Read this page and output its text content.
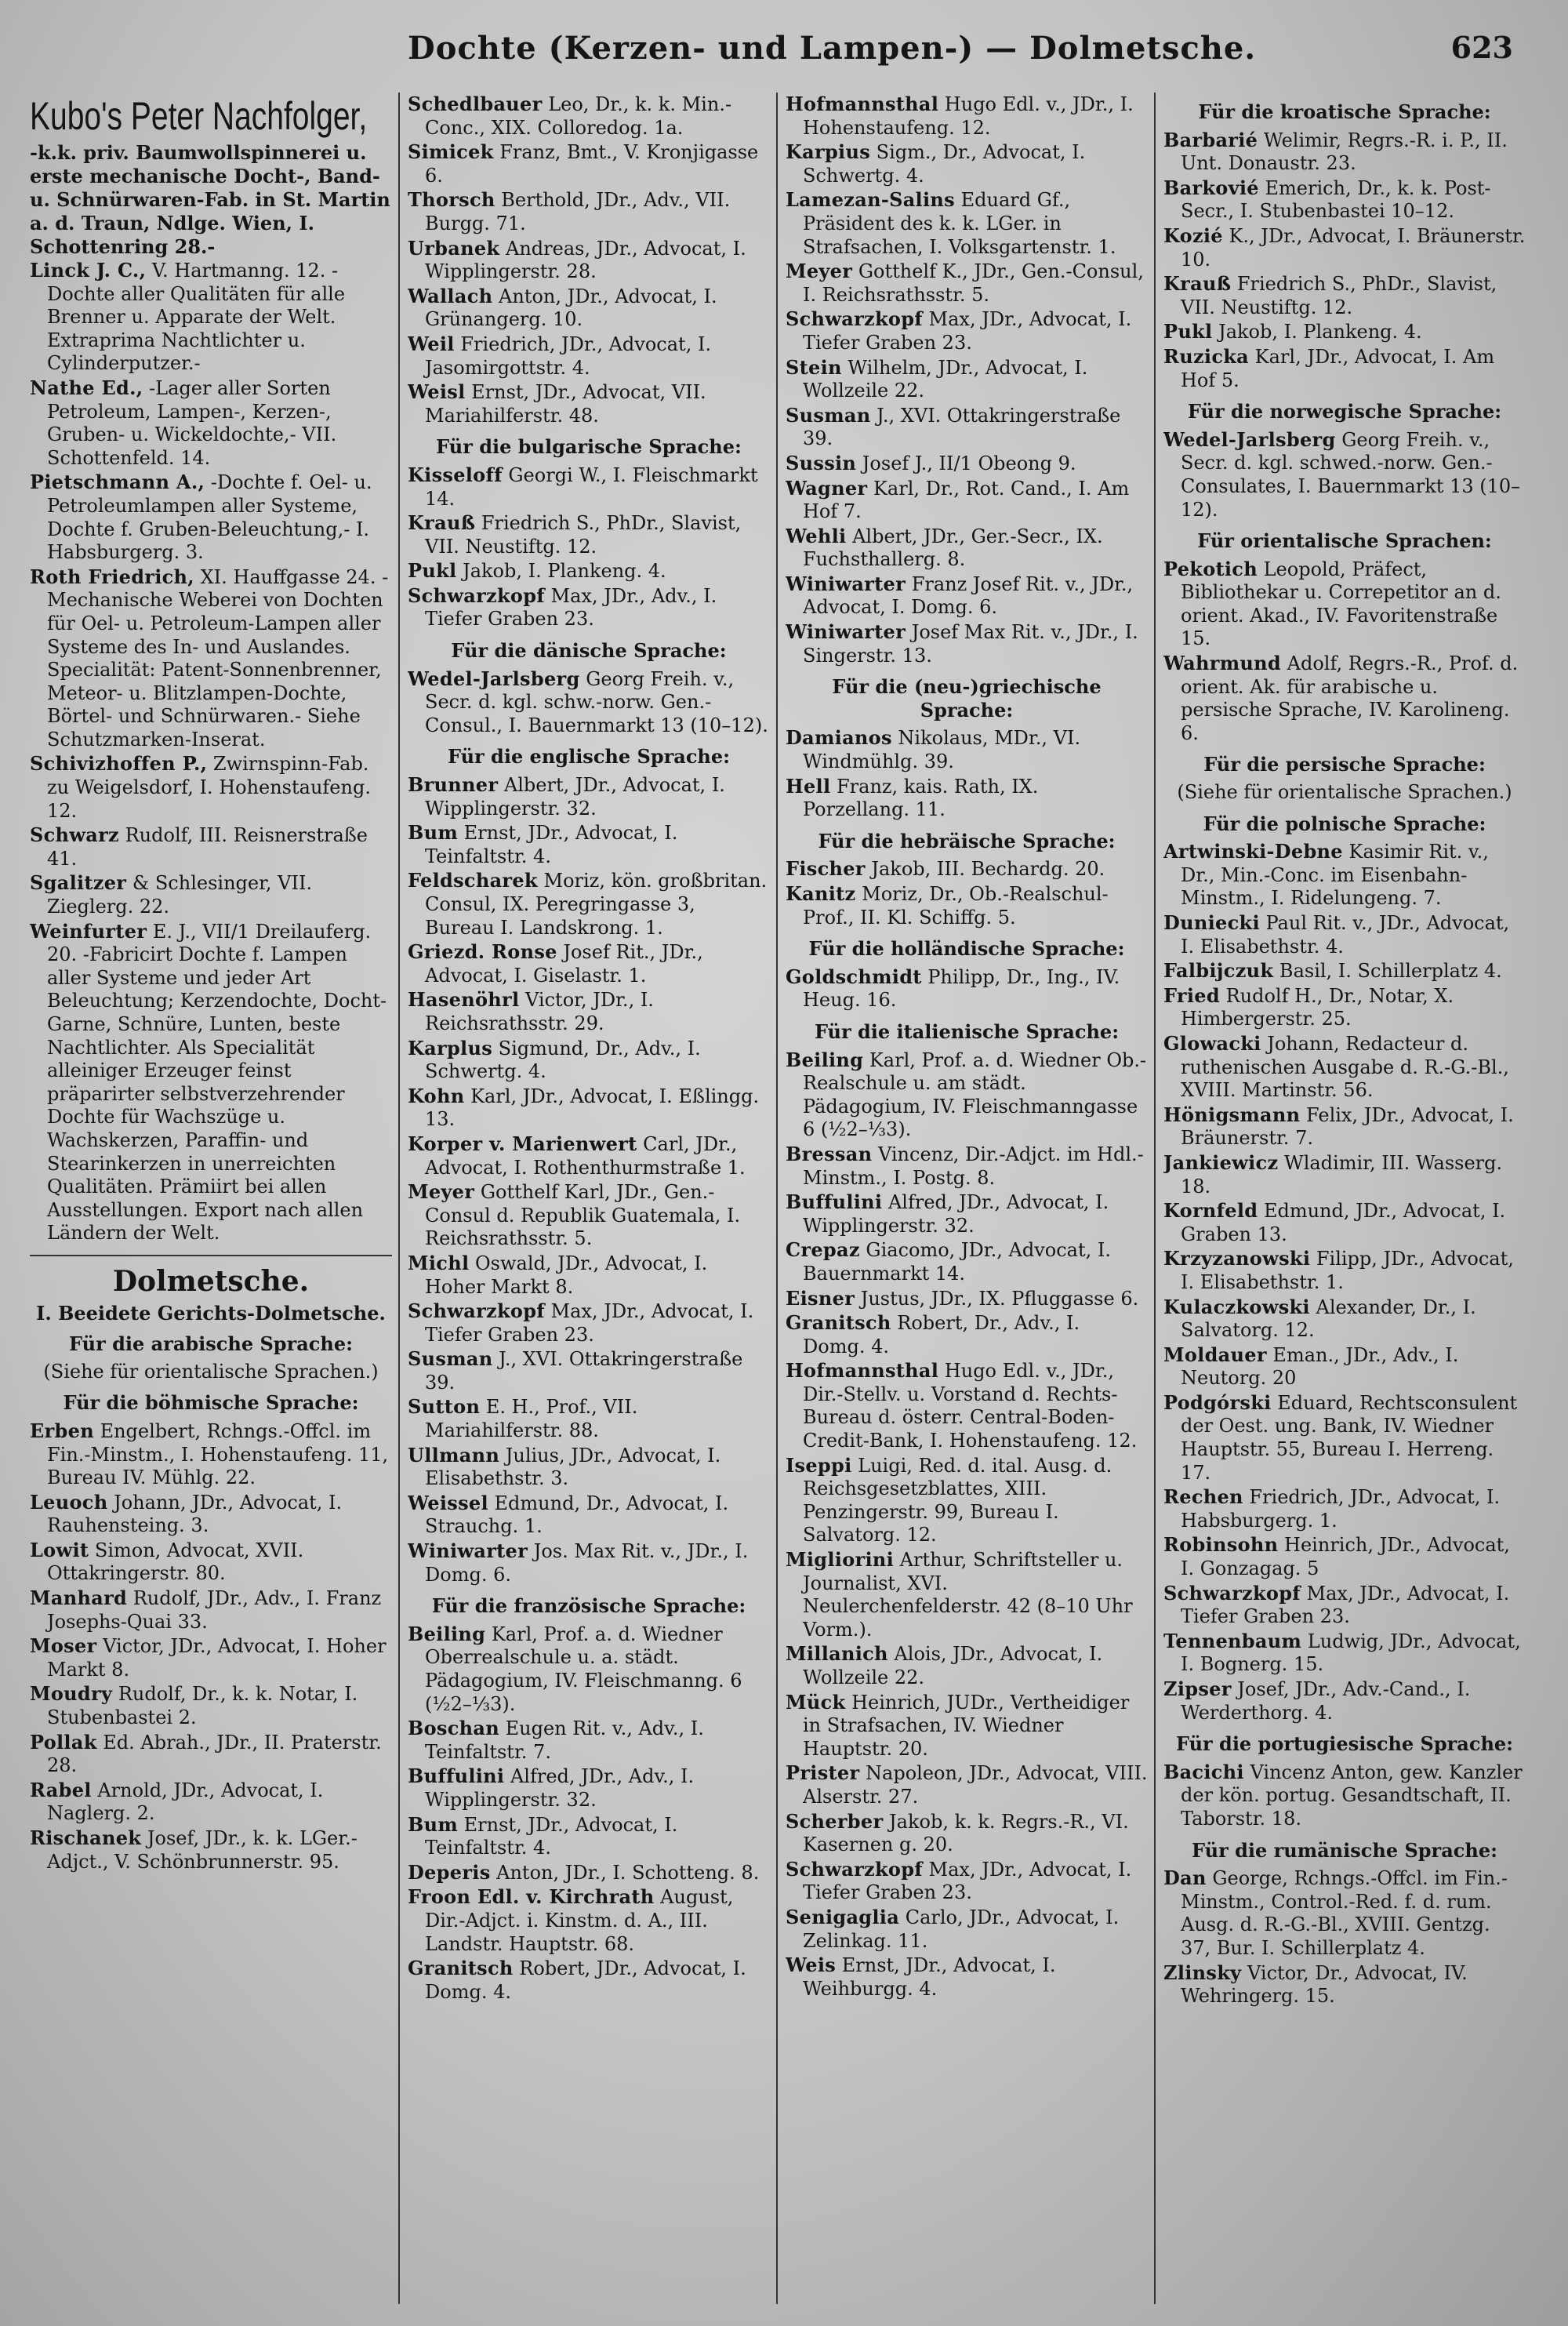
Dochte (Kerzen- und Lampen-) — Dolmetsche.	623
Kubo's Peter Nachfolger,
-k.k. priv. Baumwollspinnerei u. erste mechanische Docht-, Band- u. Schnürwaren-Fab. in St. Martin a. d. Traun, Ndlge. Wien, I. Schottenring 28.-
Linck J. C., V. Hartmanng. 12. -Dochte aller Qualitäten für alle Brenner u. Apparate der Welt. Extraprima Nachtlichter u. Cylinderputzer.-
Nathe Ed., -Lager aller Sorten Petroleum, Lampen-, Kerzen-, Gruben- u. Wickeldochte,- VII. Schottenfeld. 14.
Pietschmann A., -Dochte f. Oel- u. Petroleumlampen aller Systeme, Dochte f. Gruben-Beleuchtung,- I. Habsburgerg. 3.
Roth Friedrich, XI. Hauffgasse 24. -Mechanische Weberei von Dochten für Oel- u. Petroleum-Lampen aller Systeme des In- und Auslandes. Specialität: Patent-Sonnenbrenner, Meteor- u. Blitzlampen-Dochte, Börtel- und Schnürwaren.- Siehe Schutzmarken-Inserat.
Schivizhoffen P., Zwirnspinn-Fab. zu Weigelsdorf, I. Hohenstaufeng. 12.
Schwarz Rudolf, III. Reisnerstraße 41.
Sgalitzer & Schlesinger, VII. Zieglerg. 22.
Weinfurter E. J., VII/1 Dreilauferg. 20. -Fabricirt Dochte f. Lampen aller Systeme und jeder Art Beleuchtung; Kerzendochte, Docht-Garne, Schnüre, Lunten, beste Nachtlichter. Als Specialität alleiniger Erzeuger feinst präparirter selbstverzehrender Dochte für Wachszüge u. Wachskerzen, Paraffin- und Stearinkerzen in unerreichten Qualitäten. Prämiirt bei allen Ausstellungen. Export nach allen Ländern der Welt.
Dolmetsche.
I. Beeidete Gerichts-Dolmetsche.
Für die arabische Sprache:
(Siehe für orientalische Sprachen.)
Für die böhmische Sprache:
Erben Engelbert, Rchngs.-Offcl. im Fin.-Minstm., I. Hohenstaufeng. 11, Bureau IV. Mühlg. 22.
Leuoch Johann, JDr., Advocat, I. Rauhensteing. 3.
Lowit Simon, Advocat, XVII. Ottakringerstr. 80.
Manhard Rudolf, JDr., Adv., I. Franz Josephs-Quai 33.
Moser Victor, JDr., Advocat, I. Hoher Markt 8.
Moudry Rudolf, Dr., k. k. Notar, I. Stubenbastei 2.
Pollak Ed. Abrah., JDr., II. Praterstr. 28.
Rabel Arnold, JDr., Advocat, I. Naglerg. 2.
Rischanek Josef, JDr., k. k. LGer.-Adjct., V. Schönbrunnerstr. 95.
Schedlbauer Leo, Dr., k. k. Min.-Conc., XIX. Colloredog. 1a.
Simicek Franz, Bmt., V. Kronjigasse 6.
Thorsch Berthold, JDr., Adv., VII. Burgg. 71.
Urbanek Andreas, JDr., Advocat, I. Wipplingerstr. 28.
Wallach Anton, JDr., Advocat, I. Grünangerg. 10.
Weil Friedrich, JDr., Advocat, I. Jasomirgottstr. 4.
Weisl Ernst, JDr., Advocat, VII. Mariahilferstr. 48.
Für die bulgarische Sprache:
Kisseloff Georgi W., I. Fleischmarkt 14.
Krauß Friedrich S., PhDr., Slavist, VII. Neustiftg. 12.
Pukl Jakob, I. Plankeng. 4.
Schwarzkopf Max, JDr., Adv., I. Tiefer Graben 23.
Für die dänische Sprache:
Wedel-Jarlsberg Georg Freih. v., Secr. d. kgl. schw.-norw. Gen.-Consul., I. Bauernmarkt 13 (10–12).
Für die englische Sprache:
Brunner Albert, JDr., Advocat, I. Wipplingerstr. 32.
Bum Ernst, JDr., Advocat, I. Teinfaltstr. 4.
Feldscharek Moriz, kön. großbritan. Consul, IX. Peregringasse 3, Bureau I. Landskrong. 1.
Griezd. Ronse Josef Rit., JDr., Advocat, I. Giselastr. 1.
Hasenöhrl Victor, JDr., I. Reichsrathsstr. 29.
Karplus Sigmund, Dr., Adv., I. Schwertg. 4.
Kohn Karl, JDr., Advocat, I. Eßlingg. 13.
Korper v. Marienwert Carl, JDr., Advocat, I. Rothenthurmstraße 1.
Meyer Gotthelf Karl, JDr., Gen.-Consul d. Republik Guatemala, I. Reichsrathsstr. 5.
Michl Oswald, JDr., Advocat, I. Hoher Markt 8.
Schwarzkopf Max, JDr., Advocat, I. Tiefer Graben 23.
Susman J., XVI. Ottakringerstraße 39.
Sutton E. H., Prof., VII. Mariahilferstr. 88.
Ullmann Julius, JDr., Advocat, I. Elisabethstr. 3.
Weissel Edmund, Dr., Advocat, I. Strauchg. 1.
Winiwarter Jos. Max Rit. v., JDr., I. Domg. 6.
Für die französische Sprache:
Beiling Karl, Prof. a. d. Wiedner Oberrealschule u. a. städt. Pädagogium, IV. Fleischmanng. 6 (½2–⅓3).
Boschan Eugen Rit. v., Adv., I. Teinfaltstr. 7.
Buffulini Alfred, JDr., Adv., I. Wipplingerstr. 32.
Bum Ernst, JDr., Advocat, I. Teinfaltstr. 4.
Deperis Anton, JDr., I. Schotteng. 8.
Froon Edl. v. Kirchrath August, Dir.-Adjct. i. Kinstm. d. A., III. Landstr. Hauptstr. 68.
Granitsch Robert, JDr., Advocat, I. Domg. 4.
Hofmannsthal Hugo Edl. v., JDr., I. Hohenstaufeng. 12.
Karpius Sigm., Dr., Advocat, I. Schwertg. 4.
Lamezan-Salins Eduard Gf., Präsident des k. k. LGer. in Strafsachen, I. Volksgartenstr. 1.
Meyer Gotthelf K., JDr., Gen.-Consul, I. Reichsrathsstr. 5.
Schwarzkopf Max, JDr., Advocat, I. Tiefer Graben 23.
Stein Wilhelm, JDr., Advocat, I. Wollzeile 22.
Susman J., XVI. Ottakringerstraße 39.
Sussin Josef J., II/1 Obeong 9.
Wagner Karl, Dr., Rot. Cand., I. Am Hof 7.
Wehli Albert, JDr., Ger.-Secr., IX. Fuchsthallerg. 8.
Winiwarter Franz Josef Rit. v., JDr., Advocat, I. Domg. 6.
Winiwarter Josef Max Rit. v., JDr., I. Singerstr. 13.
Für die (neu-)griechische Sprache:
Damianos Nikolaus, MDr., VI. Windmühlg. 39.
Hell Franz, kais. Rath, IX. Porzellang. 11.
Für die hebräische Sprache:
Fischer Jakob, III. Bechardg. 20.
Kanitz Moriz, Dr., Ob.-Realschul-Prof., II. Kl. Schiffg. 5.
Für die holländische Sprache:
Goldschmidt Philipp, Dr., Ing., IV. Heug. 16.
Für die italienische Sprache:
Beiling Karl, Prof. a. d. Wiedner Ob.-Realschule u. am städt. Pädagogium, IV. Fleischmanngasse 6 (½2–⅓3).
Bressan Vincenz, Dir.-Adjct. im Hdl.-Minstm., I. Postg. 8.
Buffulini Alfred, JDr., Advocat, I. Wipplingerstr. 32.
Crepaz Giacomo, JDr., Advocat, I. Bauernmarkt 14.
Eisner Justus, JDr., IX. Pfluggasse 6.
Granitsch Robert, Dr., Adv., I. Domg. 4.
Hofmannsthal Hugo Edl. v., JDr., Dir.-Stellv. u. Vorstand d. Rechts-Bureau d. österr. Central-Boden-Credit-Bank, I. Hohenstaufeng. 12.
Iseppi Luigi, Red. d. ital. Ausg. d. Reichsgesetzblattes, XIII. Penzingerstr. 99, Bureau I. Salvatorg. 12.
Migliorini Arthur, Schriftsteller u. Journalist, XVI. Neulerchenfelderstr. 42 (8–10 Uhr Vorm.).
Millanich Alois, JDr., Advocat, I. Wollzeile 22.
Mück Heinrich, JUDr., Vertheidiger in Strafsachen, IV. Wiedner Hauptstr. 20.
Prister Napoleon, JDr., Advocat, VIII. Alserstr. 27.
Scherber Jakob, k. k. Regrs.-R., VI. Kasernen g. 20.
Schwarzkopf Max, JDr., Advocat, I. Tiefer Graben 23.
Senigaglia Carlo, JDr., Advocat, I. Zelinkag. 11.
Weis Ernst, JDr., Advocat, I. Weihburgg. 4.
Für die kroatische Sprache:
Barbarié Welimir, Regrs.-R. i. P., II. Unt. Donaustr. 23.
Barkovié Emerich, Dr., k. k. Post-Secr., I. Stubenbastei 10–12.
Kozié K., JDr., Advocat, I. Bräunerstr. 10.
Krauß Friedrich S., PhDr., Slavist, VII. Neustiftg. 12.
Pukl Jakob, I. Plankeng. 4.
Ruzicka Karl, JDr., Advocat, I. Am Hof 5.
Für die norwegische Sprache:
Wedel-Jarlsberg Georg Freih. v., Secr. d. kgl. schwed.-norw. Gen.-Consulates, I. Bauernmarkt 13 (10–12).
Für orientalische Sprachen:
Pekotich Leopold, Präfect, Bibliothekar u. Correpetitor an d. orient. Akad., IV. Favoritenstraße 15.
Wahrmund Adolf, Regrs.-R., Prof. d. orient. Ak. für arabische u. persische Sprache, IV. Karolineng. 6.
Für die persische Sprache:
(Siehe für orientalische Sprachen.)
Für die polnische Sprache:
Artwinski-Debne Kasimir Rit. v., Dr., Min.-Conc. im Eisenbahn-Minstm., I. Ridelungeng. 7.
Duniecki Paul Rit. v., JDr., Advocat, I. Elisabethstr. 4.
Falbijczuk Basil, I. Schillerplatz 4.
Fried Rudolf H., Dr., Notar, X. Himbergerstr. 25.
Glowacki Johann, Redacteur d. ruthenischen Ausgabe d. R.-G.-Bl., XVIII. Martinstr. 56.
Hönigsmann Felix, JDr., Advocat, I. Bräunerstr. 7.
Jankiewicz Wladimir, III. Wasserg. 18.
Kornfeld Edmund, JDr., Advocat, I. Graben 13.
Krzyzanowski Filipp, JDr., Advocat, I. Elisabethstr. 1.
Kulaczkowski Alexander, Dr., I. Salvatorg. 12.
Moldauer Eman., JDr., Adv., I. Neutorg. 20
Podgórski Eduard, Rechtsconsulent der Oest. ung. Bank, IV. Wiedner Hauptstr. 55, Bureau I. Herreng. 17.
Rechen Friedrich, JDr., Advocat, I. Habsburgerg. 1.
Robinsohn Heinrich, JDr., Advocat, I. Gonzagag. 5
Schwarzkopf Max, JDr., Advocat, I. Tiefer Graben 23.
Tennenbaum Ludwig, JDr., Advocat, I. Bognerg. 15.
Zipser Josef, JDr., Adv.-Cand., I. Werderthorg. 4.
Für die portugiesische Sprache:
Bacichi Vincenz Anton, gew. Kanzler der kön. portug. Gesandtschaft, II. Taborstr. 18.
Für die rumänische Sprache:
Dan George, Rchngs.-Offcl. im Fin.-Minstm., Control.-Red. f. d. rum. Ausg. d. R.-G.-Bl., XVIII. Gentzg. 37, Bur. I. Schillerplatz 4.
Zlinsky Victor, Dr., Advocat, IV. Wehringerg. 15.
